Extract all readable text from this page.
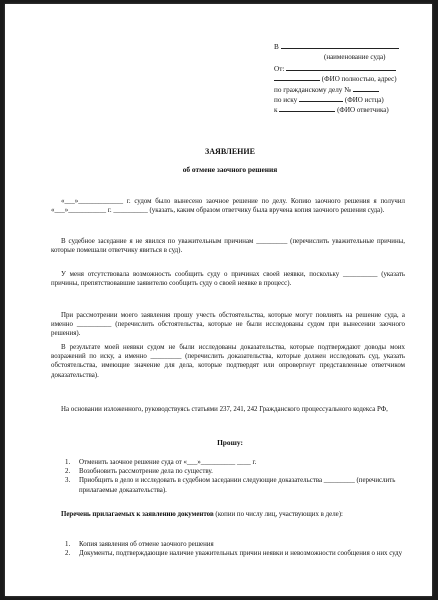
В
(наименование суда)
От:
(ФИО полностью, адрес)
по гражданскому делу №
по иску	(ФИО истца)
к	(ФИО ответчика)
ЗАЯВЛЕНИЕ
об отмене заочного решения
«___»_____________ г. судом было вынесено заочное решение по делу. Копию заочного решения я получил «___»___________ г. __________ (указать, каким образом ответчику была вручена копия заочного решения суда).
В судебное заседание я не явился по уважительным причинам _________ (перечислить уважительные причины, которые помешали ответчику явиться в суд).
У меня отсутствовала возможность сообщить суду о причинах своей неявки, поскольку __________ (указать причины, препятствовавшие заявителю сообщить суду о своей неявке в процесс).
При рассмотрении моего заявления прошу учесть обстоятельства, которые могут повлиять на решение суда, а именно __________ (перечислить обстоятельства, которые не были исследованы судом при вынесении заочного решения).
В результате моей неявки судом не были исследованы доказательства, которые подтверждают доводы моих возражений по иску, а именно _________ (перечислить доказательства, которые должен исследовать суд, указать обстоятельства, имеющие значение для дела, которые подтвердят или опровергнут представленные ответчиком доказательства).
На основании изложенного, руководствуясь статьями 237, 241, 242 Гражданского процессуального кодекса РФ,
Прошу:
1. Отменить заочное решение суда от «___»__________ ____ г.
2. Возобновить рассмотрение дела по существу.
3. Приобщить в дело и исследовать в судебном заседании следующие доказательства _________ (перечислить прилагаемые доказательства).
Перечень прилагаемых к заявлению документов (копии по числу лиц, участвующих в деле):
1. Копия заявления об отмене заочного решения
2. Документы, подтверждающие наличие уважительных причин неявки и невозможности сообщения о них суду
